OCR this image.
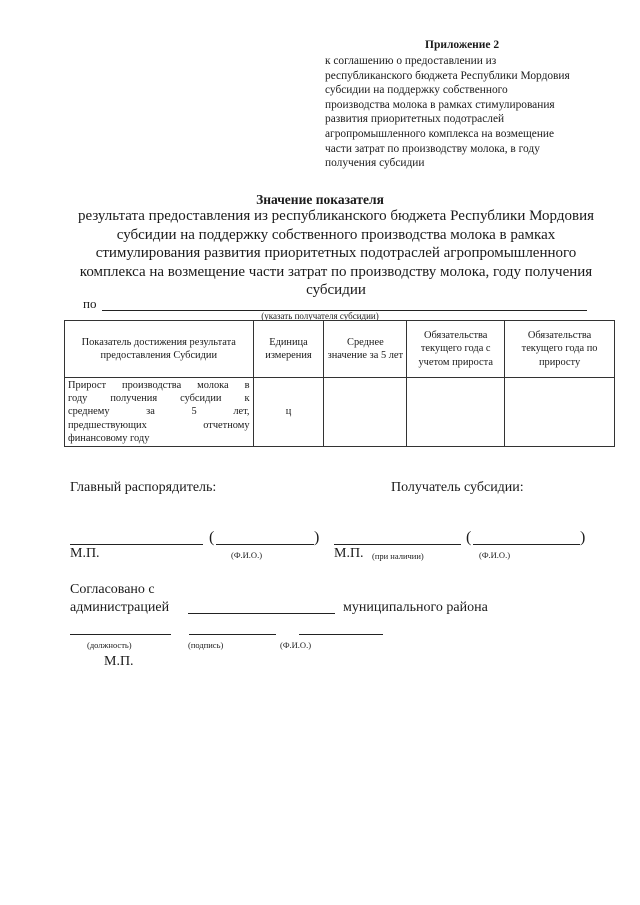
Приложение 2
к соглашению о предоставлении из
республиканского бюджета Республики Мордовия
субсидии на поддержку собственного
производства молока в рамках стимулирования
развития приоритетных подотраслей
агропромышленного комплекса на возмещение
части затрат по производству молока, в году
получения субсидии
Значение показателя
результата предоставления из республиканского бюджета Республики Мордовия субсидии на поддержку собственного производства молока в рамках стимулирования развития приоритетных подотраслей агропромышленного комплекса на возмещение части затрат по производству молока, году получения субсидии
по
(указать получателя субсидии)
Показатель достижения результата предоставления Субсидии	Единица измерения	Среднее значение за 5 лет	Обязательства текущего года с учетом прироста	Обязательства текущего года по приросту

Прирост производства молока в
году получения субсидии к
среднему за 5 лет,
предшествующих отчетному
финансовому году	ц			
Главный распорядитель:	Получатель субсидии:
(	)	(	)
М.П.	(Ф.И.О.)	М.П. (при наличии)	(Ф.И.О.)
Согласовано с
администрацией	муниципального района
(должность)	(подпись)	(Ф.И.О.)
М.П.
